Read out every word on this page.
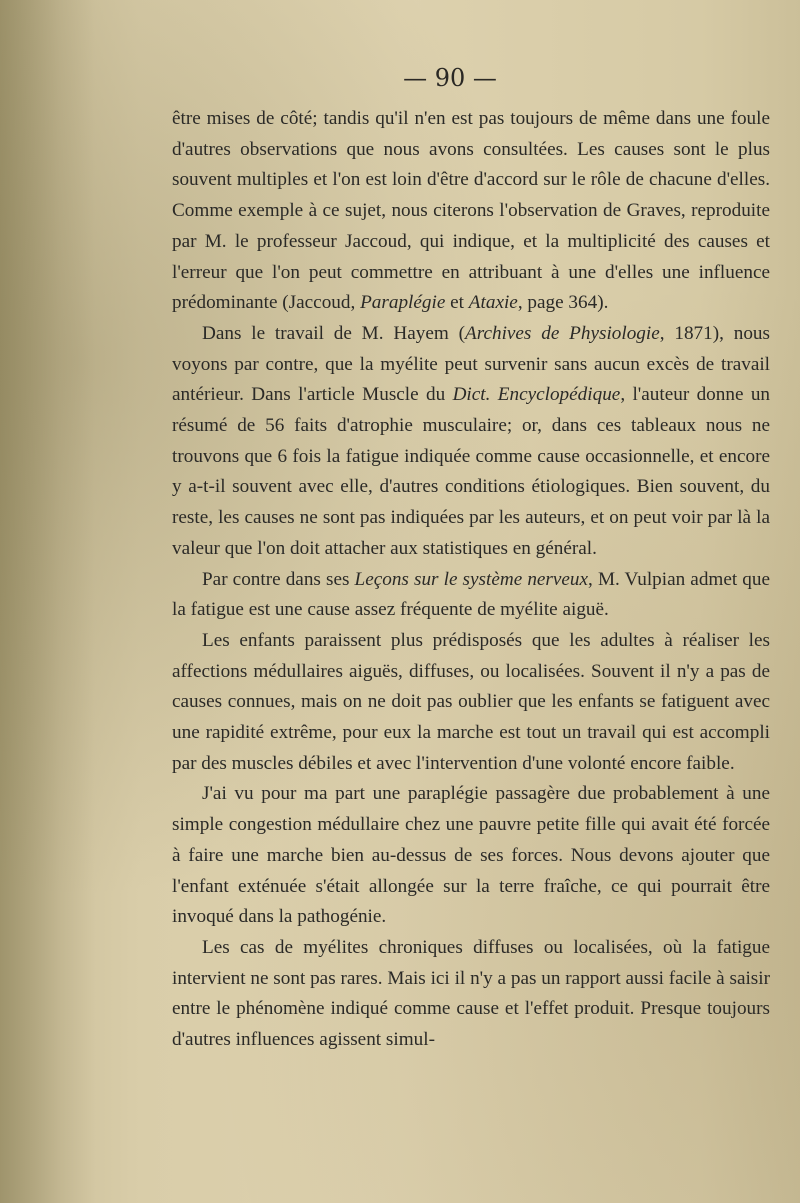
— 90 —

être mises de côté; tandis qu'il n'en est pas toujours de même dans une foule d'autres observations que nous avons consultées. Les causes sont le plus souvent multiples et l'on est loin d'être d'accord sur le rôle de chacune d'elles. Comme exemple à ce sujet, nous citerons l'observation de Graves, reproduite par M. le professeur Jaccoud, qui indique, et la multiplicité des causes et l'erreur que l'on peut commettre en attribuant à une d'elles une influence prédominante (Jaccoud, Paraplégie et Ataxie, page 364).

Dans le travail de M. Hayem (Archives de Physiologie, 1871), nous voyons par contre, que la myélite peut survenir sans aucun excès de travail antérieur. Dans l'article Muscle du Dict. Encyclopédique, l'auteur donne un résumé de 56 faits d'atrophie musculaire; or, dans ces tableaux nous ne trouvons que 6 fois la fatigue indiquée comme cause occasionnelle, et encore y a-t-il souvent avec elle, d'autres conditions étiologiques. Bien souvent, du reste, les causes ne sont pas indiquées par les auteurs, et on peut voir par là la valeur que l'on doit attacher aux statistiques en général.

Par contre dans ses Leçons sur le système nerveux, M. Vulpian admet que la fatigue est une cause assez fréquente de myélite aiguë.

Les enfants paraissent plus prédisposés que les adultes à réaliser les affections médullaires aiguës, diffuses, ou localisées. Souvent il n'y a pas de causes connues, mais on ne doit pas oublier que les enfants se fatiguent avec une rapidité extrême, pour eux la marche est tout un travail qui est accompli par des muscles débiles et avec l'intervention d'une volonté encore faible.

J'ai vu pour ma part une paraplégie passagère due probablement à une simple congestion médullaire chez une pauvre petite fille qui avait été forcée à faire une marche bien au-dessus de ses forces. Nous devons ajouter que l'enfant exténuée s'était allongée sur la terre fraîche, ce qui pourrait être invoqué dans la pathogénie.

Les cas de myélites chroniques diffuses ou localisées, où la fatigue intervient ne sont pas rares. Mais ici il n'y a pas un rapport aussi facile à saisir entre le phénomène indiqué comme cause et l'effet produit. Presque toujours d'autres influences agissent simul-
